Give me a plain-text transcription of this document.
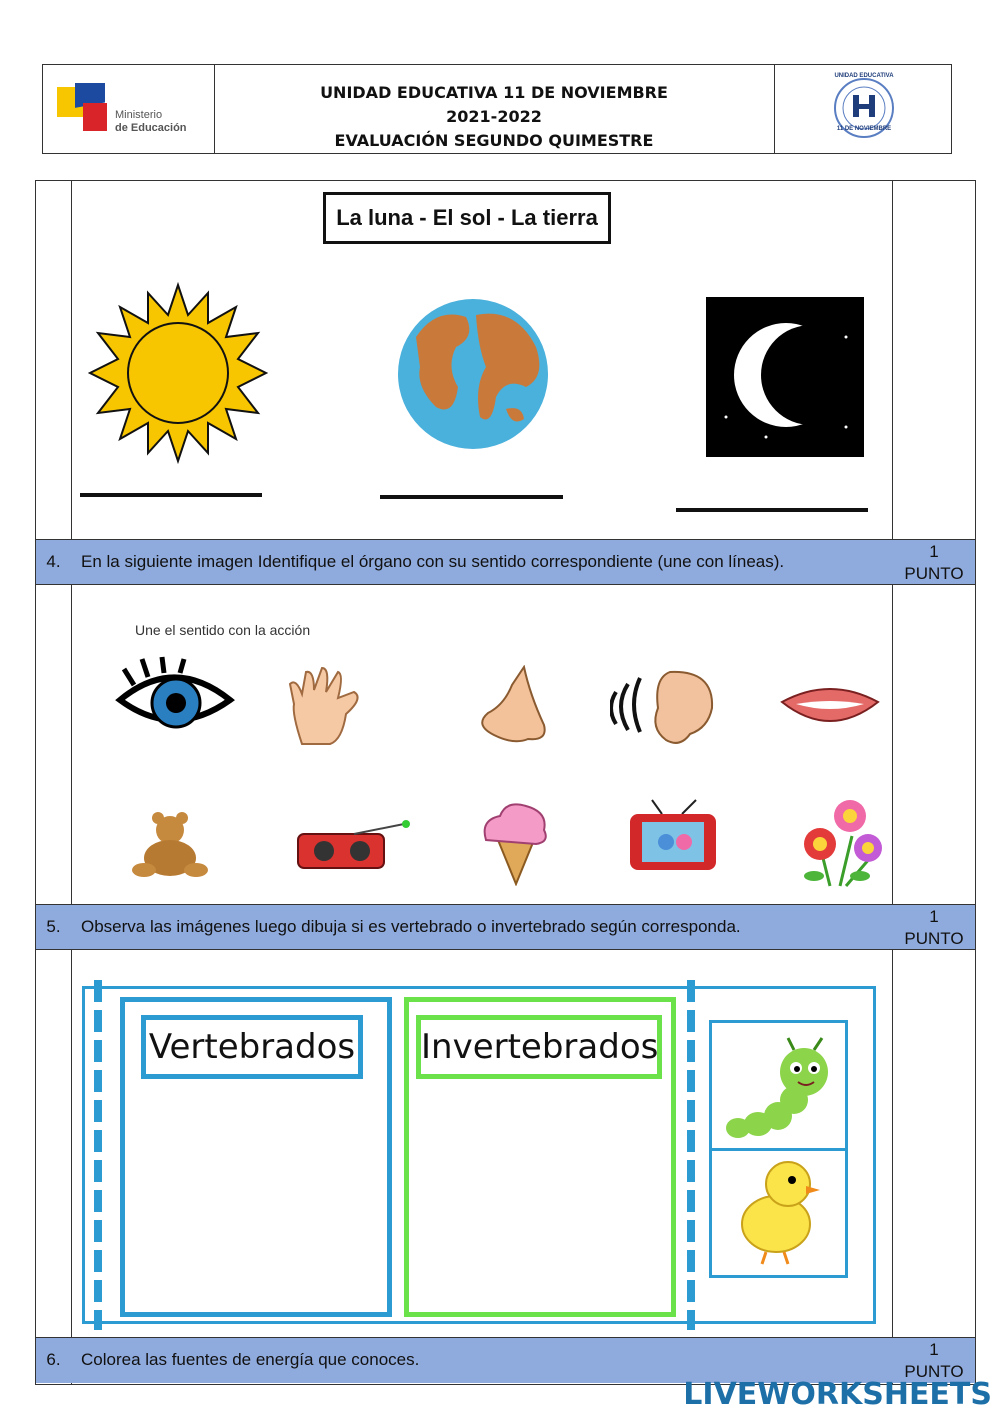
Ministerio
de Educación
UNIDAD EDUCATIVA 11 DE NOVIEMBRE
2021-2022
EVALUACIÓN SEGUNDO QUIMESTRE
UNIDAD EDUCATIVA
11 DE NOVIEMBRE
4.	En la siguiente imagen Identifique el órgano con su sentido correspondiente (une con líneas).
1
PUNTO
5.	Observa las imágenes luego dibuja si es vertebrado o invertebrado según corresponda.
1
PUNTO
6.	Colorea las fuentes de energía que conoces.
1
PUNTO
La luna - El sol - La tierra
Une el sentido con la acción
Vertebrados Invertebrados
LIVEWORKSHEETS
